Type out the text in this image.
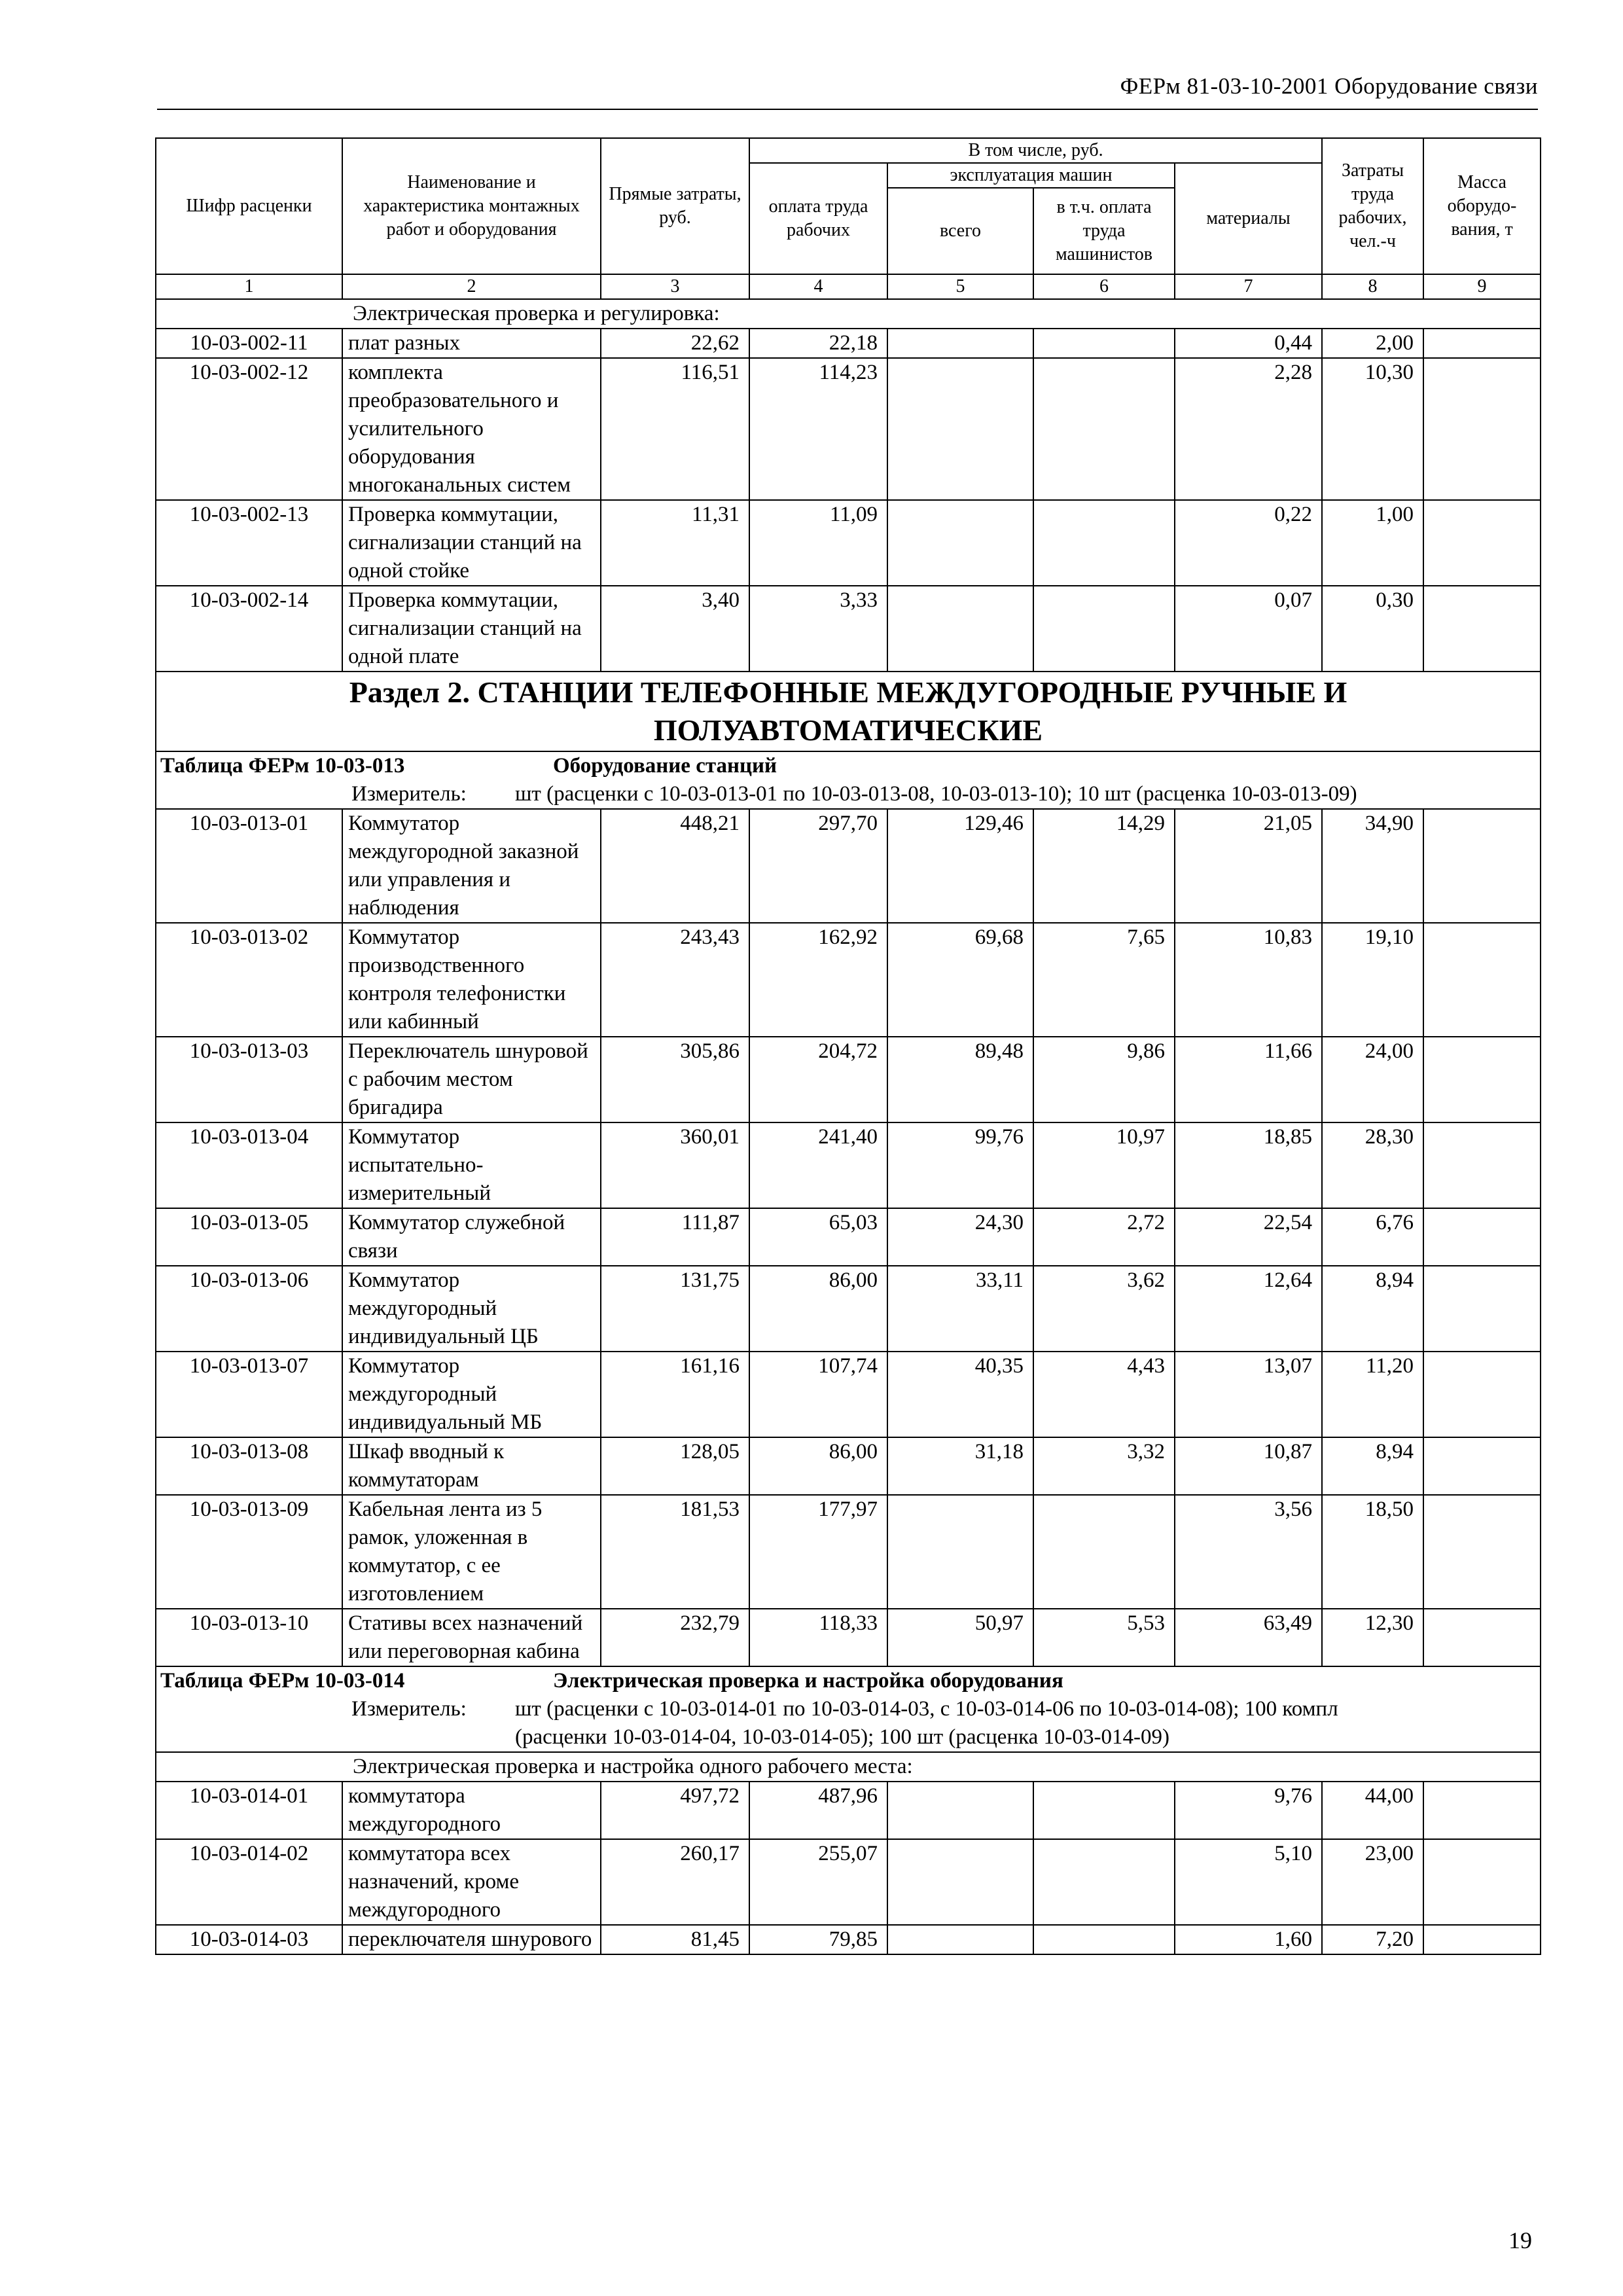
ФЕРм 81-03-10-2001 Оборудование связи
Шифр расценки	Наименование и характеристика монтажных работ и оборудования	Прямые затраты, руб.	В том числе, руб.				Затраты труда рабочих, чел.-ч	Масса оборудо-вания, т
			оплата труда рабочих	эксплуатация машин		материалы		
				всего	в т.ч. оплата труда машинистов			

1	2	3	4	5	6	7	8	9
Электрическая проверка и регулировка:								
10-03-002-11	плат разных	22,62	22,18			0,44	2,00	
10-03-002-12	комплекта преобразовательного и усилительного оборудования многоканальных систем	116,51	114,23			2,28	10,30	
10-03-002-13	Проверка коммутации, сигнализации станций на одной стойке	11,31	11,09			0,22	1,00	
10-03-002-14	Проверка коммутации, сигнализации станций на одной плате	3,40	3,33			0,07	0,30	
Раздел 2. СТАНЦИИ ТЕЛЕФОННЫЕ МЕЖДУГОРОДНЫЕ РУЧНЫЕ И ПОЛУАВТОМАТИЧЕСКИЕ								

Таблица ФЕРм 10-03-013 Оборудование станций
Измеритель: шт (расценки с 10-03-013-01 по 10-03-013-08, 10-03-013-10); 10 шт (расценка 10-03-013-09)								

10-03-013-01	Коммутатор междугородной заказной или управления и наблюдения	448,21	297,70	129,46	14,29	21,05	34,90	
10-03-013-02	Коммутатор производственного контроля телефонистки или кабинный	243,43	162,92	69,68	7,65	10,83	19,10	
10-03-013-03	Переключатель шнуровой с рабочим местом бригадира	305,86	204,72	89,48	9,86	11,66	24,00	
10-03-013-04	Коммутатор испытательно-измерительный	360,01	241,40	99,76	10,97	18,85	28,30	
10-03-013-05	Коммутатор служебной связи	111,87	65,03	24,30	2,72	22,54	6,76	
10-03-013-06	Коммутатор междугородный индивидуальный ЦБ	131,75	86,00	33,11	3,62	12,64	8,94	
10-03-013-07	Коммутатор междугородный индивидуальный МБ	161,16	107,74	40,35	4,43	13,07	11,20	
10-03-013-08	Шкаф вводный к коммутаторам	128,05	86,00	31,18	3,32	10,87	8,94	
10-03-013-09	Кабельная лента из 5 рамок, уложенная в коммутатор, с ее изготовлением	181,53	177,97			3,56	18,50	
10-03-013-10	Стативы всех назначений или переговорная кабина	232,79	118,33	50,97	5,53	63,49	12,30	

Таблица ФЕРм 10-03-014 Электрическая проверка и настройка оборудования
Измеритель: шт (расценки с 10-03-014-01 по 10-03-014-03, с 10-03-014-06 по 10-03-014-08); 100 компл
(расценки 10-03-014-04, 10-03-014-05); 100 шт (расценка 10-03-014-09)								

Электрическая проверка и настройка одного рабочего места:								
10-03-014-01	коммутатора междугородного	497,72	487,96			9,76	44,00	
10-03-014-02	коммутатора всех назначений, кроме междугородного	260,17	255,07			5,10	23,00	
10-03-014-03	переключателя шнурового	81,45	79,85			1,60	7,20	
19
